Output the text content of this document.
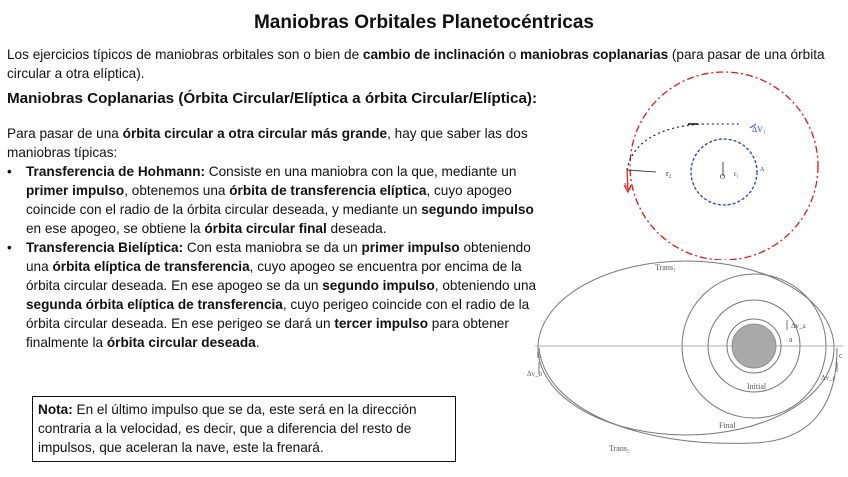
Maniobras Orbitales Planetocéntricas
Los ejercicios típicos de maniobras orbitales son o bien de cambio de inclinación o maniobras coplanarias (para pasar de una órbita circular a otra elíptica).
Maniobras Coplanarias (Órbita Circular/Elíptica a órbita Circular/Elíptica):
Para pasar de una órbita circular a otra circular más grande, hay que saber las dos maniobras típicas:
• Transferencia de Hohmann: Consiste en una maniobra con la que, mediante un primer impulso, obtenemos una órbita de transferencia elíptica, cuyo apogeo coincide con el radio de la órbita circular deseada, y mediante un segundo impulso en ese apogeo, se obtiene la órbita circular final deseada.
• Transferencia Bielíptica: Con esta maniobra se da un primer impulso obteniendo una órbita elíptica de transferencia, cuyo apogeo se encuentra por encima de la órbita circular deseada. En ese apogeo se da un segundo impulso, obteniendo una segunda órbita elíptica de transferencia, cuyo perigeo coincide con el radio de la órbita circular deseada. En ese perigeo se dará un tercer impulso para obtener finalmente la órbita circular deseada.
Nota: En el último impulso que se da, este será en la dirección contraria a la velocidad, es decir, que a diferencia del resto de impulsos, que aceleran la nave, este la frenará.
ΔV₁
V₂
r₂	r₁
O
A
Trans₁
Trans₂
Initial
Final
Δv_a
Δv_b	Δv_c
a
b	c
